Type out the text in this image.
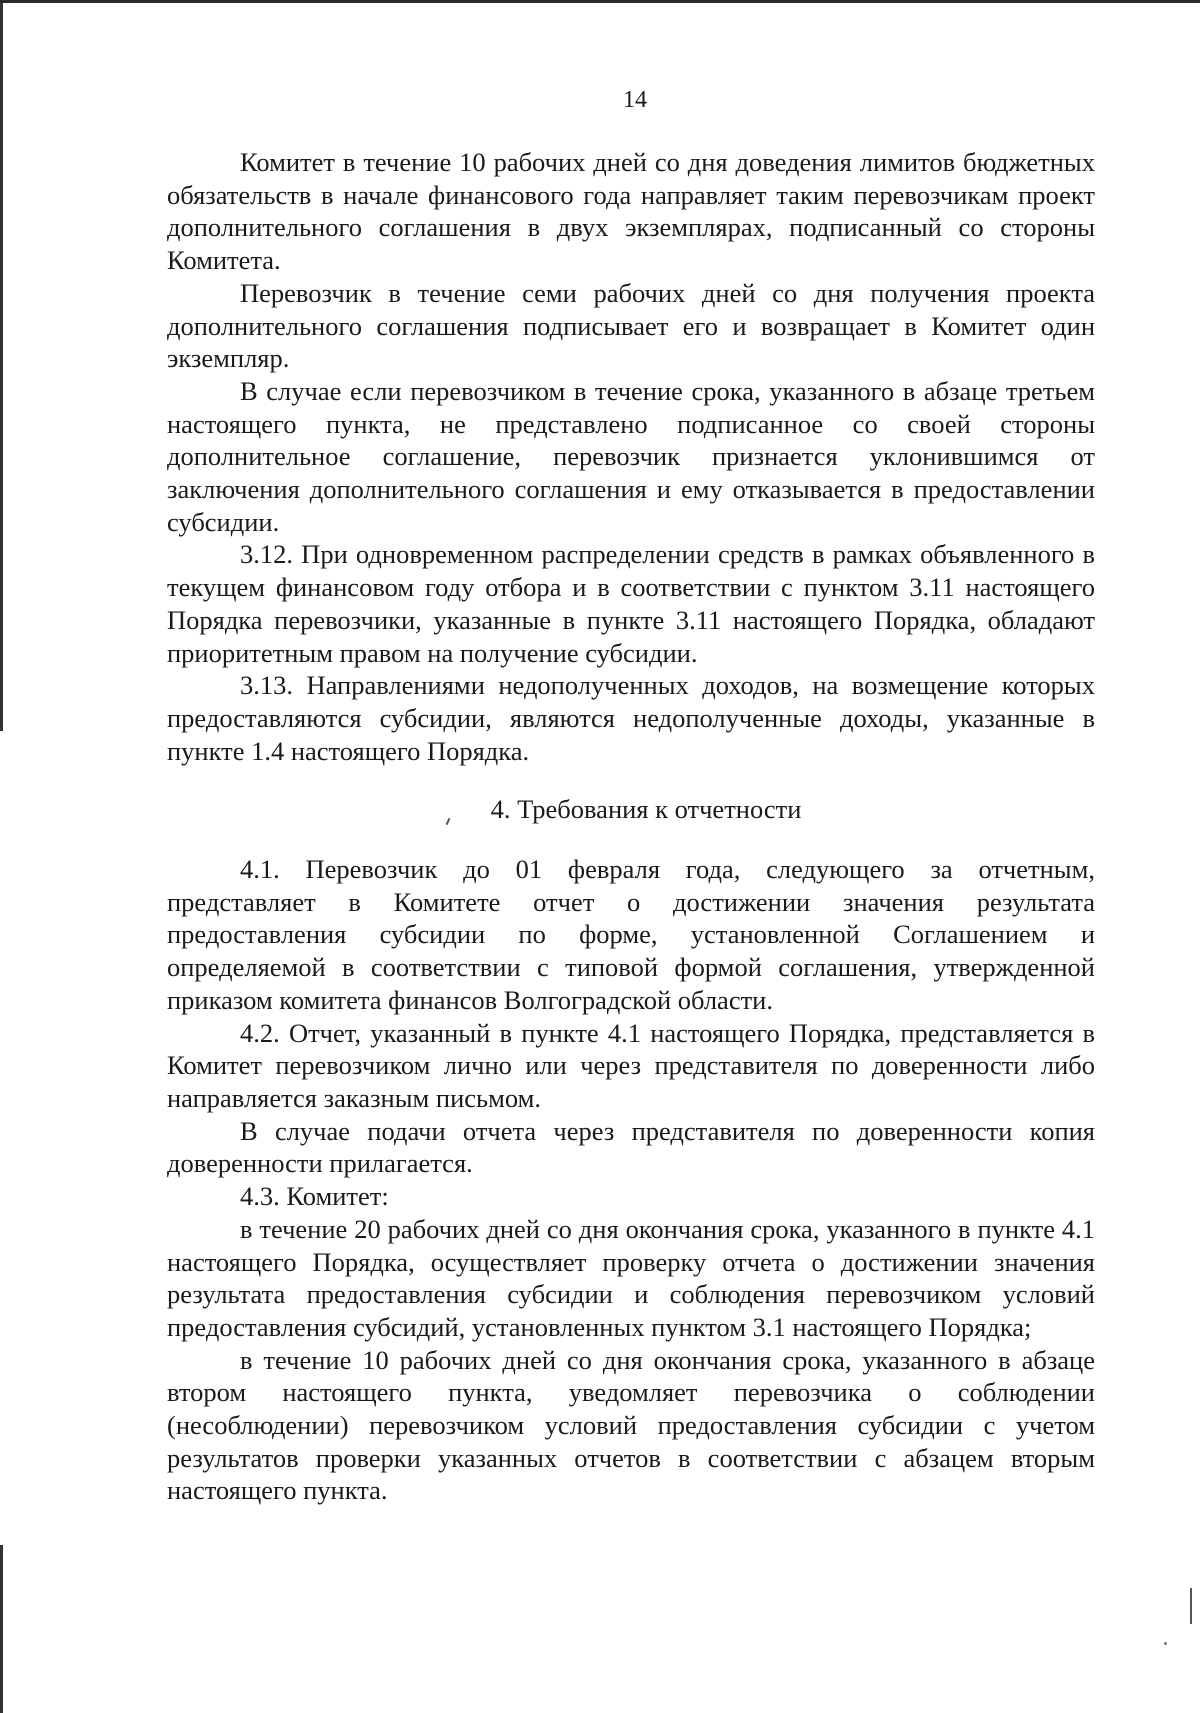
14

Комитет в течение 10 рабочих дней со дня доведения лимитов бюджетных обязательств в начале финансового года направляет таким перевозчикам проект дополнительного соглашения в двух экземплярах, подписанный со стороны Комитета.

Перевозчик в течение семи рабочих дней со дня получения проекта дополнительного соглашения подписывает его и возвращает в Комитет один экземпляр.

В случае если перевозчиком в течение срока, указанного в абзаце третьем настоящего пункта, не представлено подписанное со своей стороны дополнительное соглашение, перевозчик признается уклонившимся от заключения дополнительного соглашения и ему отказывается в предоставлении субсидии.

3.12. При одновременном распределении средств в рамках объявленного в текущем финансовом году отбора и в соответствии с пунктом 3.11 настоящего Порядка перевозчики, указанные в пункте 3.11 настоящего Порядка, обладают приоритетным правом на получение субсидии.

3.13. Направлениями недополученных доходов, на возмещение которых предоставляются субсидии, являются недополученные доходы, указанные в пункте 1.4 настоящего Порядка.

4. Требования к отчетности

4.1. Перевозчик до 01 февраля года, следующего за отчетным, представляет в Комитете отчет о достижении значения результата предоставления субсидии по форме, установленной Соглашением и определяемой в соответствии с типовой формой соглашения, утвержденной приказом комитета финансов Волгоградской области.

4.2. Отчет, указанный в пункте 4.1 настоящего Порядка, представляется в Комитет перевозчиком лично или через представителя по доверенности либо направляется заказным письмом.

В случае подачи отчета через представителя по доверенности копия доверенности прилагается.

4.3. Комитет:

в течение 20 рабочих дней со дня окончания срока, указанного в пункте 4.1 настоящего Порядка, осуществляет проверку отчета о достижении значения результата предоставления субсидии и соблюдения перевозчиком условий предоставления субсидий, установленных пунктом 3.1 настоящего Порядка;

в течение 10 рабочих дней со дня окончания срока, указанного в абзаце втором настоящего пункта, уведомляет перевозчика о соблюдении (несоблюдении) перевозчиком условий предоставления субсидии с учетом результатов проверки указанных отчетов в соответствии с абзацем вторым настоящего пункта.
